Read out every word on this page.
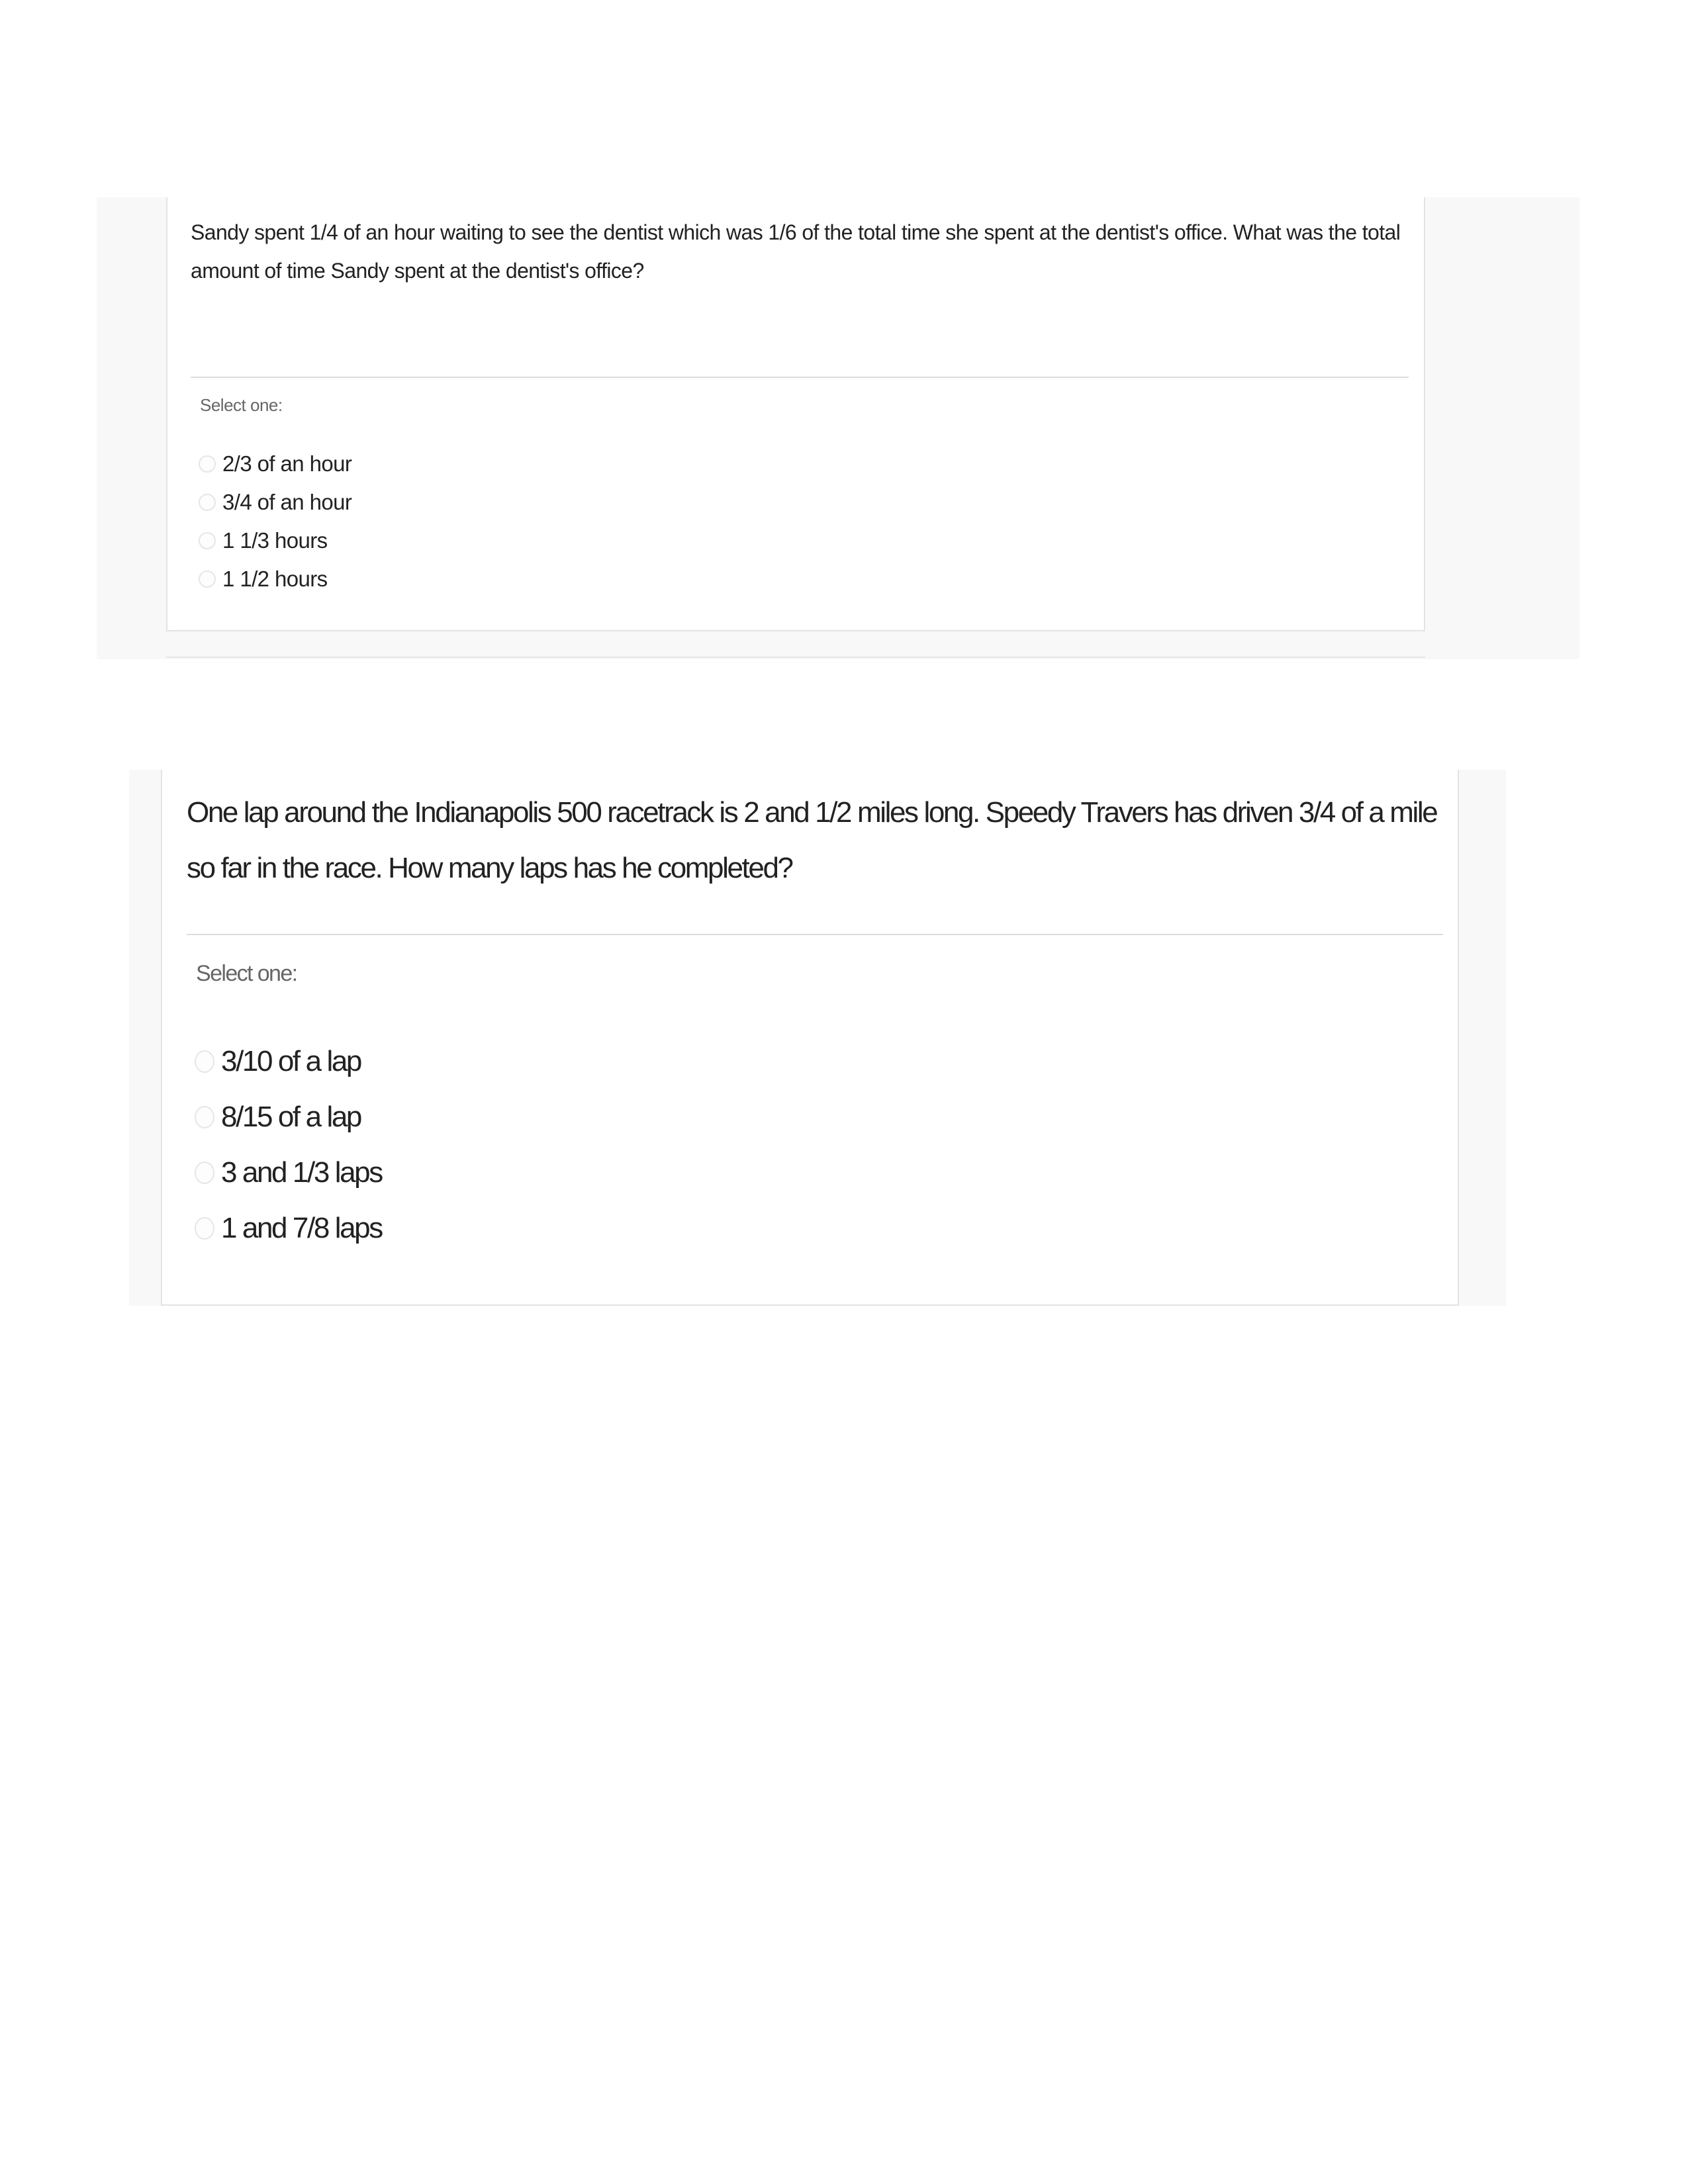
Sandy spent 1/4 of an hour waiting to see the dentist which was 1/6 of the total time she spent at the dentist's office. What was the total amount of time Sandy spent at the dentist's office?
Select one:
2/3 of an hour
3/4 of an hour
1 1/3 hours
1 1/2 hours
One lap around the Indianapolis 500 racetrack is 2 and 1/2 miles long. Speedy Travers has driven 3/4 of a mile so far in the race. How many laps has he completed?
Select one:
3/10 of a lap
8/15 of a lap
3 and 1/3 laps
1 and 7/8 laps
